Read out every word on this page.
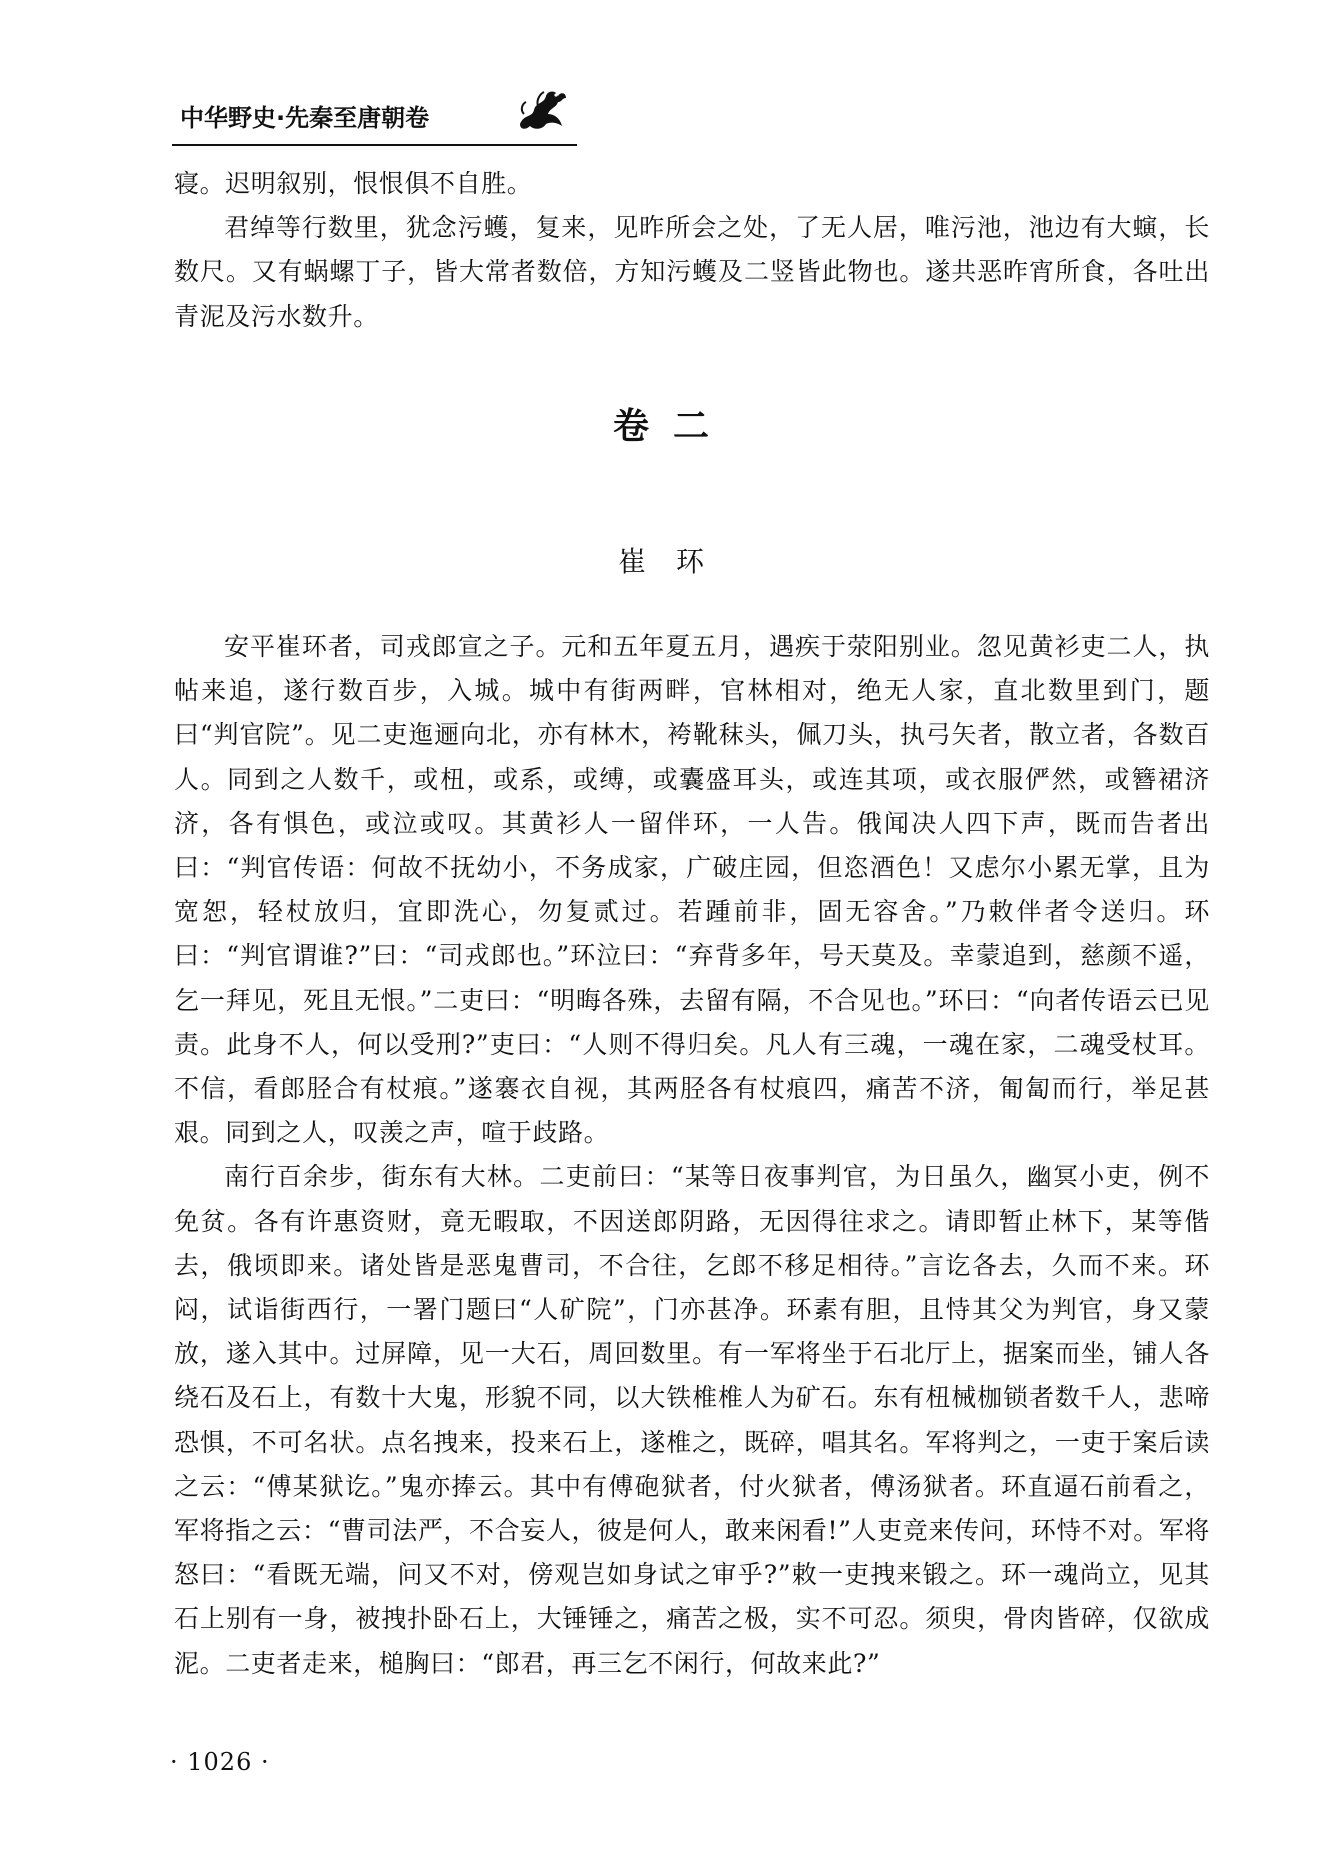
中华野史·先秦至唐朝卷

寝。迟明叙别，恨恨俱不自胜。

君绰等行数里，犹念污蠖，复来，见昨所会之处，了无人居，唯污池，池边有大螾，长数尺。又有蜗螺丁子，皆大常者数倍，方知污蠖及二竖皆此物也。遂共恶昨宵所食，各吐出青泥及污水数升。

卷二
崔环

安平崔环者，司戎郎宣之子。元和五年夏五月，遇疾于荥阳别业。忽见黄衫吏二人，执帖来追，遂行数百步，入城。城中有街两畔，官林相对，绝无人家，直北数里到门，题曰“判官院”。见二吏迤逦向北，亦有林木，袴靴秣头，佩刀头，执弓矢者，散立者，各数百人。同到之人数千，或杻，或系，或缚，或囊盛耳头，或连其项，或衣服俨然，或簪裙济济，各有惧色，或泣或叹。其黄衫人一留伴环，一人告。俄闻决人四下声，既而告者出曰：“判官传语：何故不抚幼小，不务成家，广破庄园，但恣酒色！又虑尔小累无掌，且为宽恕，轻杖放归，宜即洗心，勿复贰过。若踵前非，固无容舍。”乃敕伴者令送归。环曰：“判官谓谁?”曰：“司戎郎也。”环泣曰：“弃背多年，号天莫及。幸蒙追到，慈颜不遥，乞一拜见，死且无恨。”二吏曰：“明晦各殊，去留有隔，不合见也。”环曰：“向者传语云已见责。此身不人，何以受刑?”吏曰：“人则不得归矣。凡人有三魂，一魂在家，二魂受杖耳。不信，看郎胫合有杖痕。”遂褰衣自视，其两胫各有杖痕四，痛苦不济，匍匐而行，举足甚艰。同到之人，叹羡之声，喧于歧路。

南行百余步，街东有大林。二吏前曰：“某等日夜事判官，为日虽久，幽冥小吏，例不免贫。各有许惠资财，竟无暇取，不因送郎阴路，无因得往求之。请即暂止林下，某等偕去，俄顷即来。诸处皆是恶鬼曹司，不合往，乞郎不移足相待。”言讫各去，久而不来。环闷，试诣街西行，一署门题曰“人矿院”，门亦甚净。环素有胆，且恃其父为判官，身又蒙放，遂入其中。过屏障，见一大石，周回数里。有一军将坐于石北厅上，据案而坐，铺人各绕石及石上，有数十大鬼，形貌不同，以大铁椎椎人为矿石。东有杻械枷锁者数千人，悲啼恐惧，不可名状。点名拽来，投来石上，遂椎之，既碎，唱其名。军将判之，一吏于案后读之云：“傅某狱讫。”鬼亦捧云。其中有傅砲狱者，付火狱者，傅汤狱者。环直逼石前看之，军将指之云：“曹司法严，不合妄人，彼是何人，敢来闲看!”人吏竞来传问，环恃不对。军将怒曰：“看既无端，问又不对，傍观岂如身试之审乎?”敕一吏拽来锻之。环一魂尚立，见其石上别有一身，被拽扑卧石上，大锤锤之，痛苦之极，实不可忍。须臾，骨肉皆碎，仅欲成泥。二吏者走来，槌胸曰：“郎君，再三乞不闲行，何故来此?”

· 1026 ·
